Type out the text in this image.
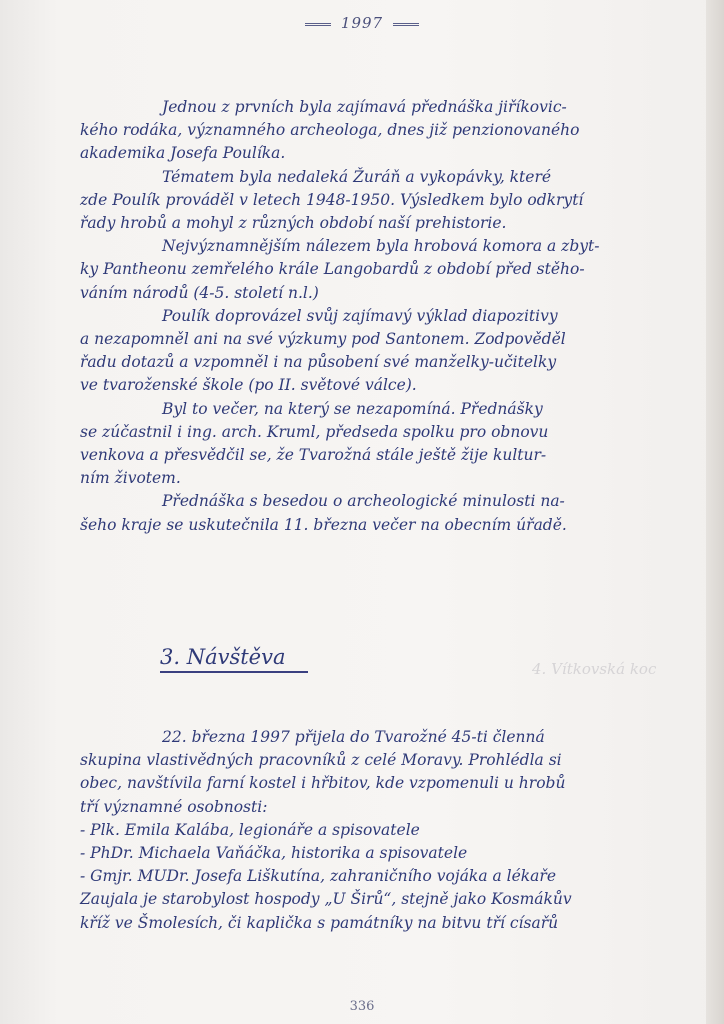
1997
4. Vítkovská koc

Jednou z prvních byla zajímavá přednáška jiříkovic-

kého rodáka, významného archeologa, dnes již penzionovaného

akademika Josefa Poulíka.

Tématem byla nedaleká Žuráň a vykopávky, které

zde Poulík prováděl v letech 1948-1950. Výsledkem bylo odkrytí

řady hrobů a mohyl z různých období naší prehistorie.

Nejvýznamnějším nálezem byla hrobová komora a zbyt-

ky Pantheonu zemřelého krále Langobardů z období před stěho-

váním národů (4-5. století n.l.)

Poulík doprovázel svůj zajímavý výklad diapozitivy

a nezapomněl ani na své výzkumy pod Santonem. Zodpověděl

řadu dotazů a vzpomněl i na působení své manželky-učitelky

ve tvaroženské škole (po II. světové válce).

Byl to večer, na který se nezapomíná. Přednášky

se zúčastnil i ing. arch. Kruml, předseda spolku pro obnovu

venkova a přesvědčil se, že Tvarožná stále ještě žije kultur-

ním životem.

Přednáška s besedou o archeologické minulosti na-

šeho kraje se uskutečnila 11. března večer na obecním úřadě.

3. Návštěva

22. března 1997 přijela do Tvarožné 45-ti členná

skupina vlastivědných pracovníků z celé Moravy. Prohlédla si

obec, navštívila farní kostel i hřbitov, kde vzpomenuli u hrobů

tří významné osobnosti:

- Plk. Emila Kalába, legionáře a spisovatele

- PhDr. Michaela Vaňáčka, historika a spisovatele

- Gmjr. MUDr. Josefa Liškutína, zahraničního vojáka a lékaře

Zaujala je starobylost hospody „U Širů“, stejně jako Kosmákův

kříž ve Šmolesích, či kaplička s památníky na bitvu tří císařů

336
